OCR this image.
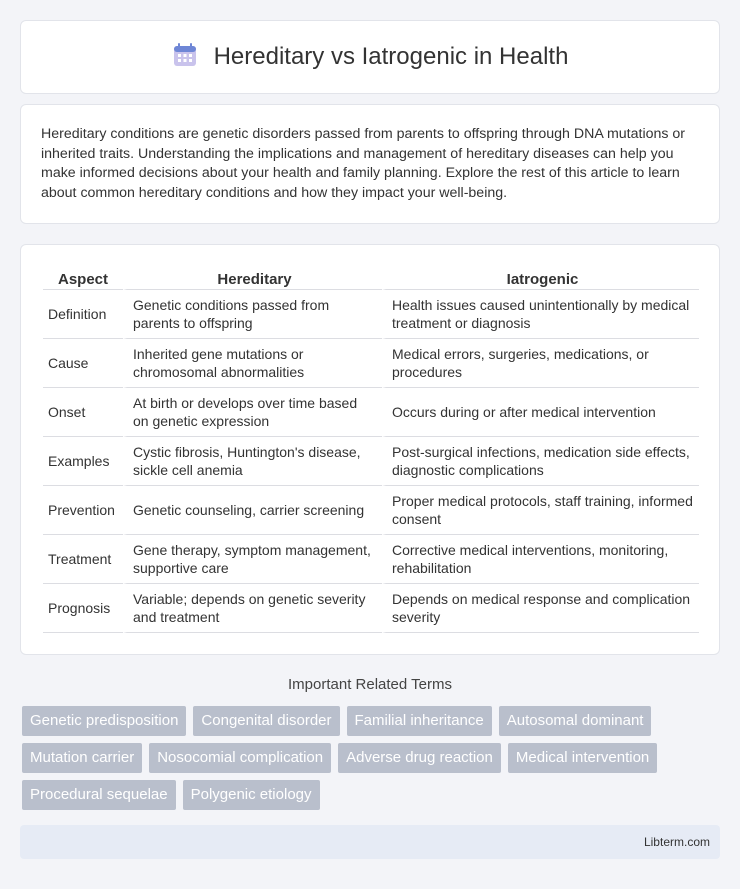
Hereditary vs Iatrogenic in Health

Hereditary conditions are genetic disorders passed from parents to offspring through DNA mutations or inherited traits. Understanding the implications and management of hereditary diseases can help you make informed decisions about your health and family planning. Explore the rest of this article to learn about common hereditary conditions and how they impact your well-being.

Aspect	Hereditary	Iatrogenic
Definition	Genetic conditions passed from parents to offspring	Health issues caused unintentionally by medical treatment or diagnosis
Cause	Inherited gene mutations or chromosomal abnormalities	Medical errors, surgeries, medications, or procedures
Onset	At birth or develops over time based on genetic expression	Occurs during or after medical intervention
Examples	Cystic fibrosis, Huntington's disease, sickle cell anemia	Post-surgical infections, medication side effects, diagnostic complications
Prevention	Genetic counseling, carrier screening	Proper medical protocols, staff training, informed consent
Treatment	Gene therapy, symptom management, supportive care	Corrective medical interventions, monitoring, rehabilitation
Prognosis	Variable; depends on genetic severity and treatment	Depends on medical response and complication severity
Important Related Terms
Genetic predisposition	Congenital disorder	Familial inheritance	Autosomal dominant
Mutation carrier	Nosocomial complication	Adverse drug reaction	Medical intervention
Procedural sequelae	Polygenic etiology
Libterm.com
